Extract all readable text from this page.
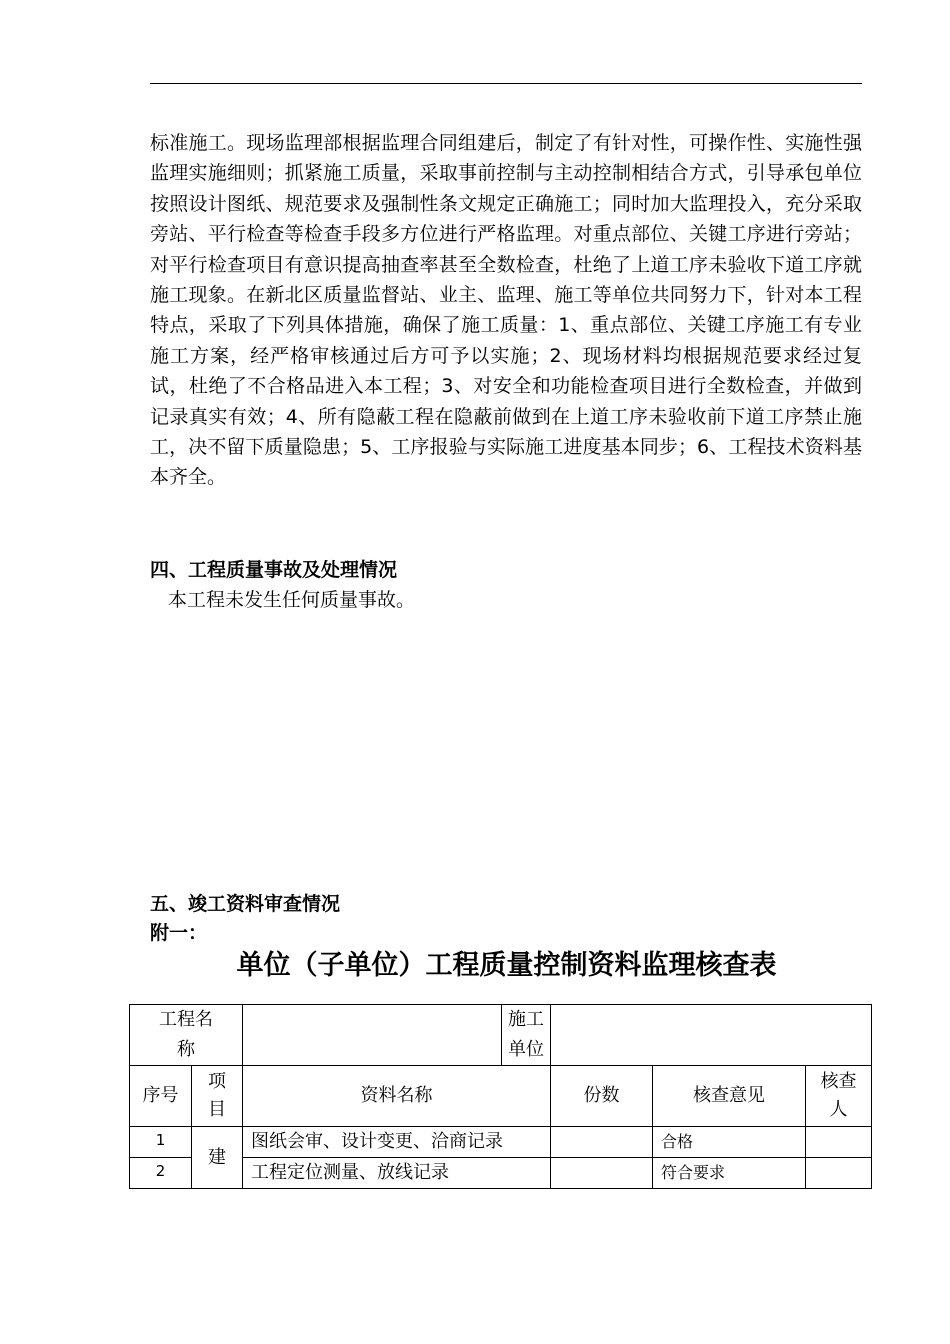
标准施工。现场监理部根据监理合同组建后，制定了有针对性，可操作性、实施性强监理实施细则；抓紧施工质量，采取事前控制与主动控制相结合方式，引导承包单位按照设计图纸、规范要求及强制性条文规定正确施工；同时加大监理投入，充分采取旁站、平行检查等检查手段多方位进行严格监理。对重点部位、关键工序进行旁站；对平行检查项目有意识提高抽查率甚至全数检查，杜绝了上道工序未验收下道工序就施工现象。在新北区质量监督站、业主、监理、施工等单位共同努力下，针对本工程特点，采取了下列具体措施，确保了施工质量：1、重点部位、关键工序施工有专业施工方案，经严格审核通过后方可予以实施；2、现场材料均根据规范要求经过复试，杜绝了不合格品进入本工程；3、对安全和功能检查项目进行全数检查，并做到记录真实有效；4、所有隐蔽工程在隐蔽前做到在上道工序未验收前下道工序禁止施工，决不留下质量隐患；5、工序报验与实际施工进度基本同步；6、工程技术资料基本齐全。

四、工程质量事故及处理情况

本工程未发生任何质量事故。

五、竣工资料审查情况

附一：

单位（子单位）工程质量控制资料监理核查表

工程名称			施工单位			

序号	项目	资料名称		份数	核查意见	核查人

1	建	图纸会审、设计变更、洽商记录			合格	
2		工程定位测量、放线记录			符合要求	
